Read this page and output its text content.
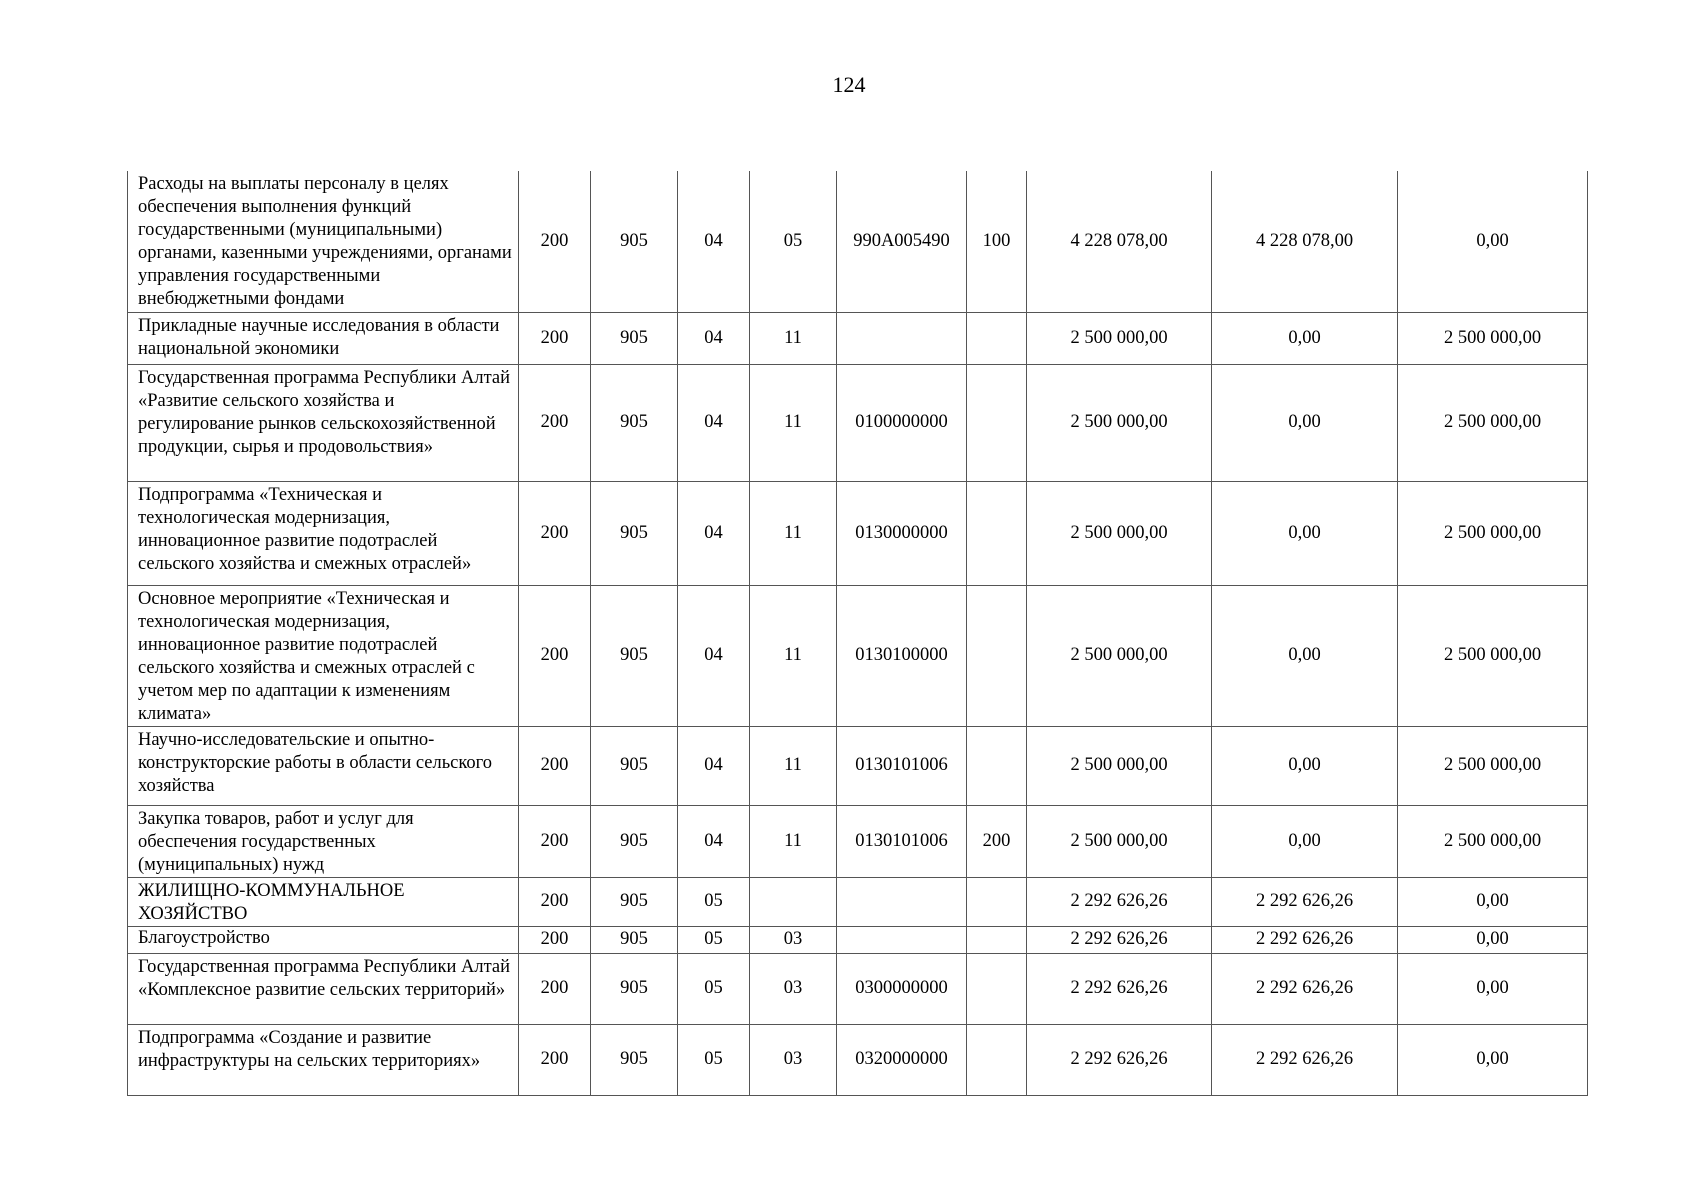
124
Расходы на выплаты персоналу в целях обеспечения выполнения функций государственными (муниципальными) органами, казенными учреждениями, органами управления государственными внебюджетными фондами	200	905	04	05	990А005490	100	4 228 078,00	4 228 078,00	0,00
Прикладные научные исследования в области национальной экономики	200	905	04	11			2 500 000,00	0,00	2 500 000,00
Государственная программа Республики Алтай «Развитие сельского хозяйства и регулирование рынков сельскохозяйственной продукции, сырья и продовольствия»	200	905	04	11	0100000000		2 500 000,00	0,00	2 500 000,00
Подпрограмма «Техническая и технологическая модернизация, инновационное развитие подотраслей сельского хозяйства и смежных отраслей»	200	905	04	11	0130000000		2 500 000,00	0,00	2 500 000,00
Основное мероприятие «Техническая и технологическая модернизация, инновационное развитие подотраслей сельского хозяйства и смежных отраслей с учетом мер по адаптации к изменениям климата»	200	905	04	11	0130100000		2 500 000,00	0,00	2 500 000,00
Научно-исследовательские и опытно-конструкторские работы в области сельского хозяйства	200	905	04	11	0130101006		2 500 000,00	0,00	2 500 000,00
Закупка товаров, работ и услуг для обеспечения государственных (муниципальных) нужд	200	905	04	11	0130101006	200	2 500 000,00	0,00	2 500 000,00
ЖИЛИЩНО-КОММУНАЛЬНОЕ ХОЗЯЙСТВО	200	905	05				2 292 626,26	2 292 626,26	0,00
Благоустройство	200	905	05	03			2 292 626,26	2 292 626,26	0,00
Государственная программа Республики Алтай «Комплексное развитие сельских территорий»	200	905	05	03	0300000000		2 292 626,26	2 292 626,26	0,00
Подпрограмма «Создание и развитие инфраструктуры на сельских территориях»	200	905	05	03	0320000000		2 292 626,26	2 292 626,26	0,00
